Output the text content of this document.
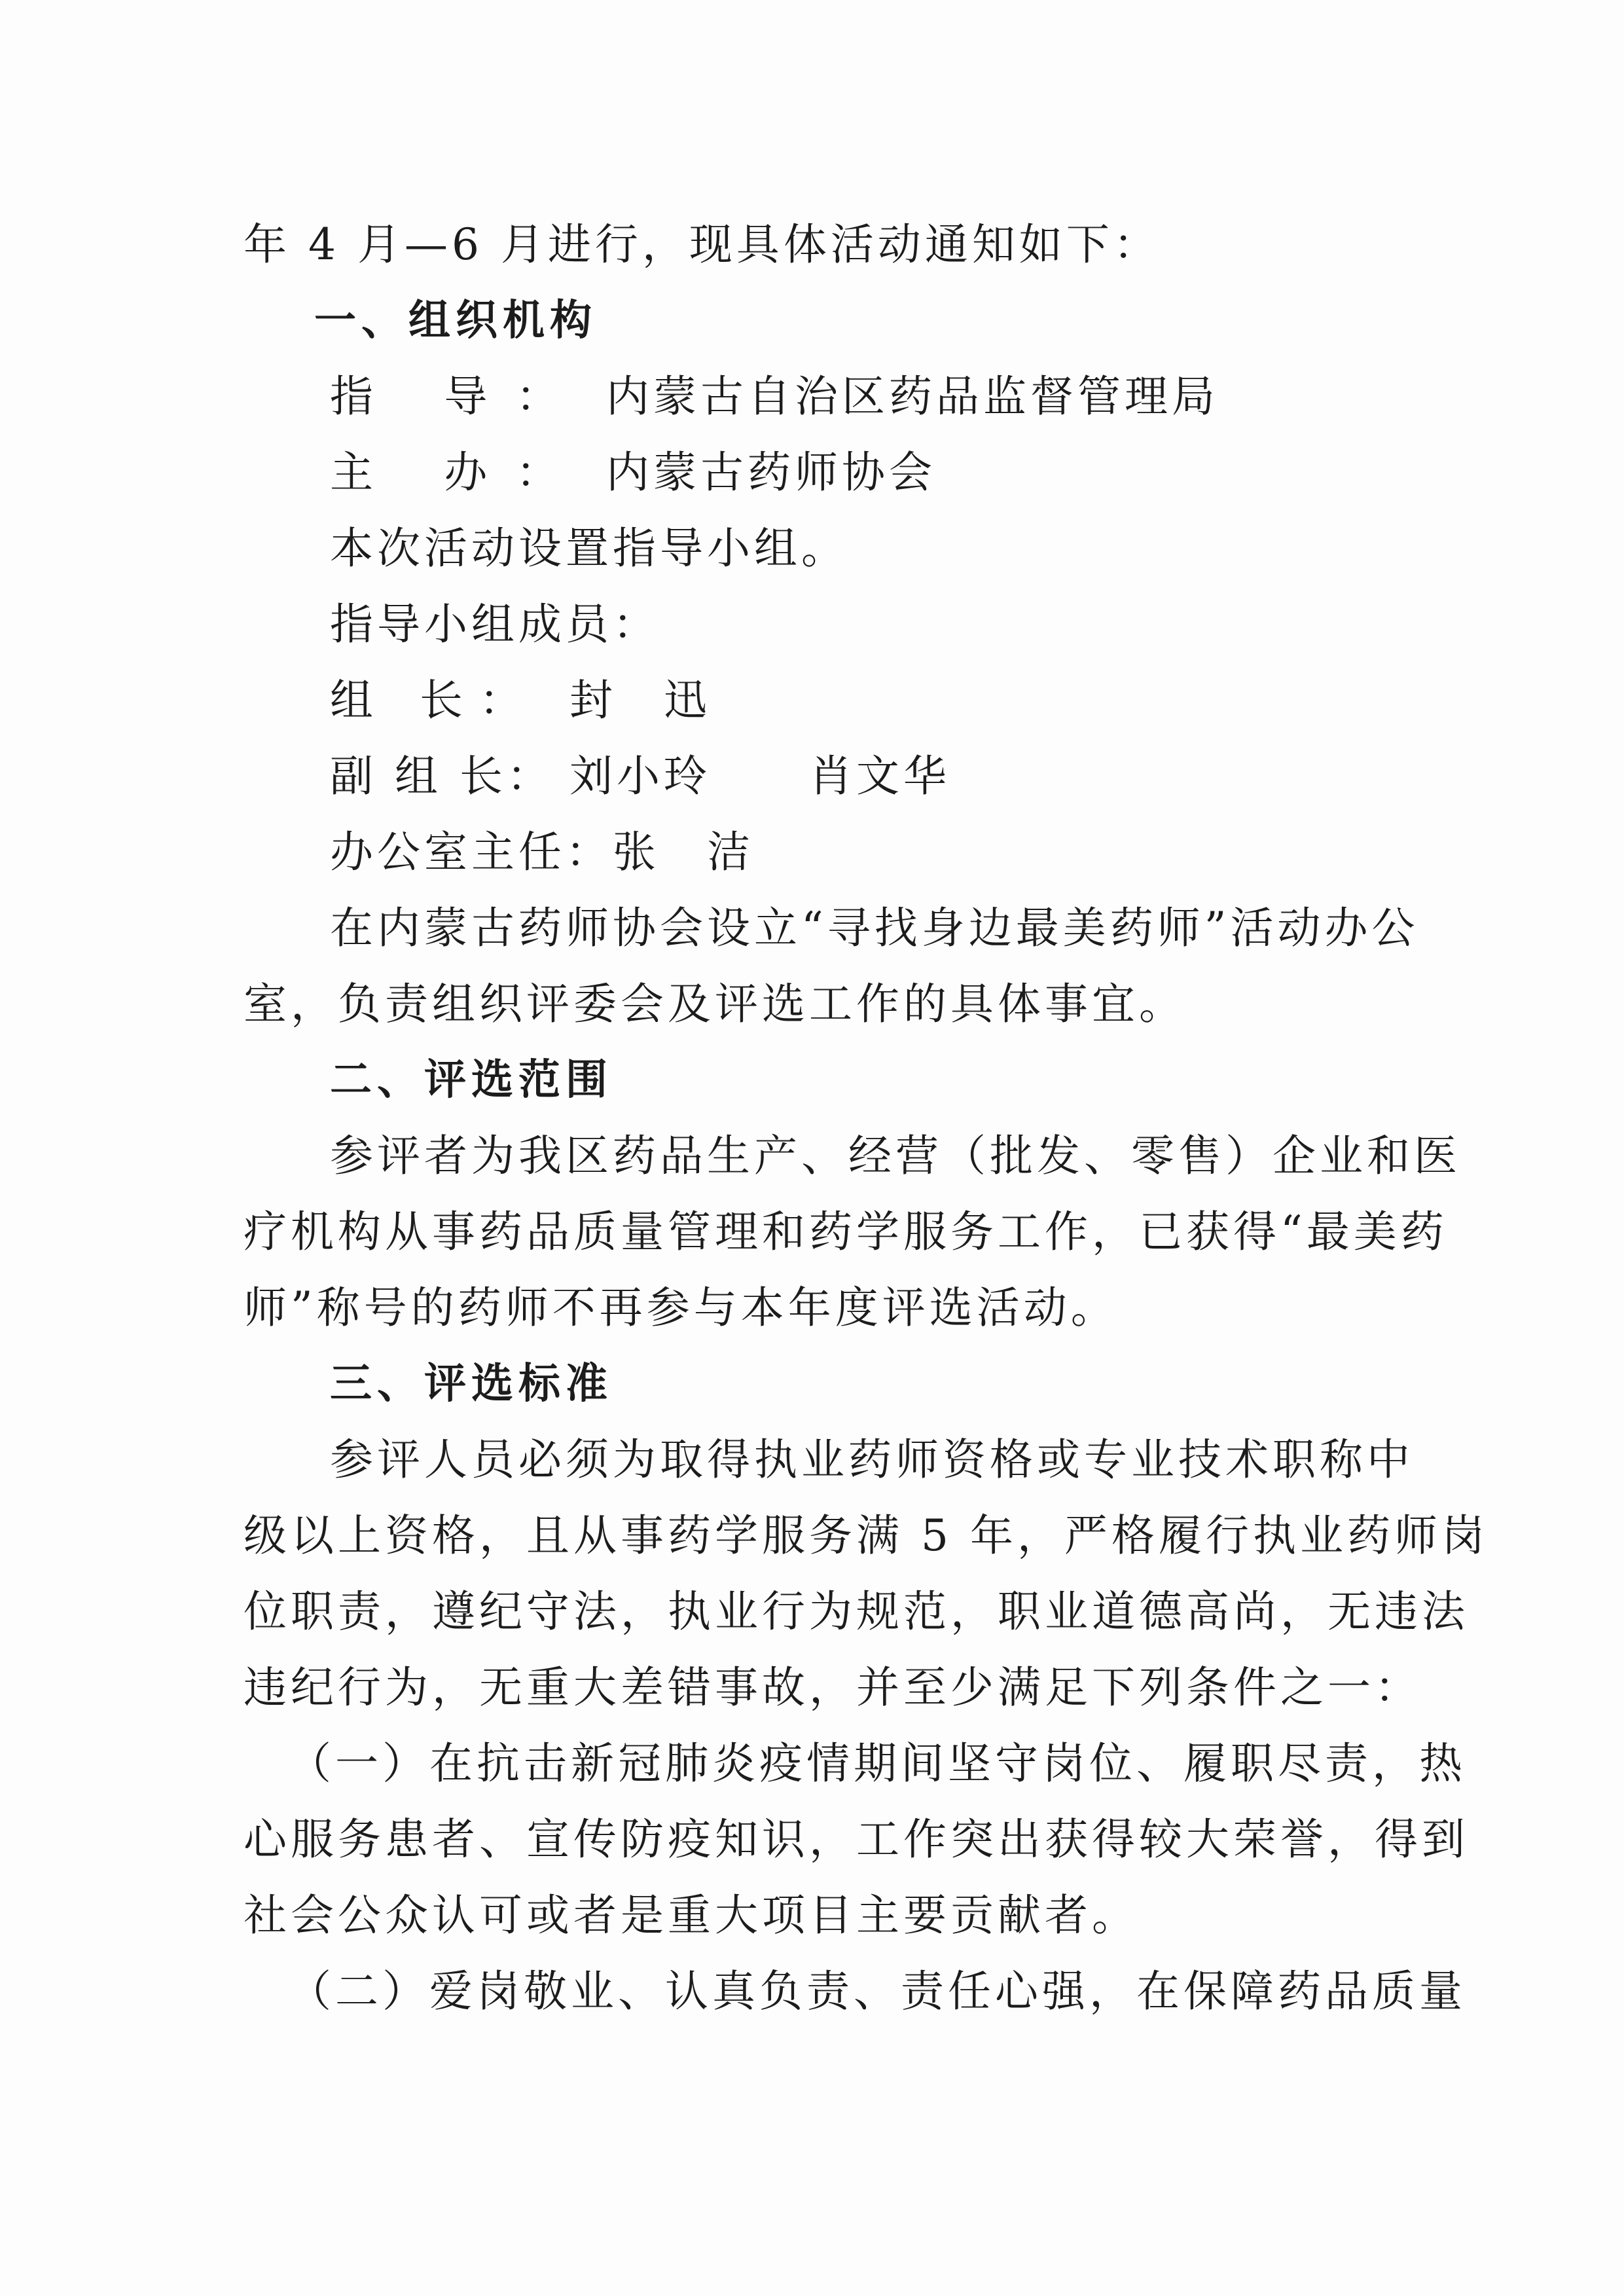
年 4 月—6 月进行，现具体活动通知如下：
一、组织机构
指 导： 内蒙古自治区药品监督管理局
主 办： 内蒙古药师协会
本次活动设置指导小组。
指导小组成员：
组 长： 封　迅
副 组 长： 刘小玲 肖文华
办公室主任：张　洁
在内蒙古药师协会设立“寻找身边最美药师”活动办公
室，负责组织评委会及评选工作的具体事宜。
二、评选范围
参评者为我区药品生产、经营（批发、零售）企业和医
疗机构从事药品质量管理和药学服务工作，已获得“最美药
师”称号的药师不再参与本年度评选活动。
三、评选标准
参评人员必须为取得执业药师资格或专业技术职称中
级以上资格，且从事药学服务满 5 年，严格履行执业药师岗
位职责，遵纪守法，执业行为规范，职业道德高尚，无违法
违纪行为，无重大差错事故，并至少满足下列条件之一：
（一）在抗击新冠肺炎疫情期间坚守岗位、履职尽责，热
心服务患者、宣传防疫知识，工作突出获得较大荣誉，得到
社会公众认可或者是重大项目主要贡献者。
（二）爱岗敬业、认真负责、责任心强，在保障药品质量
